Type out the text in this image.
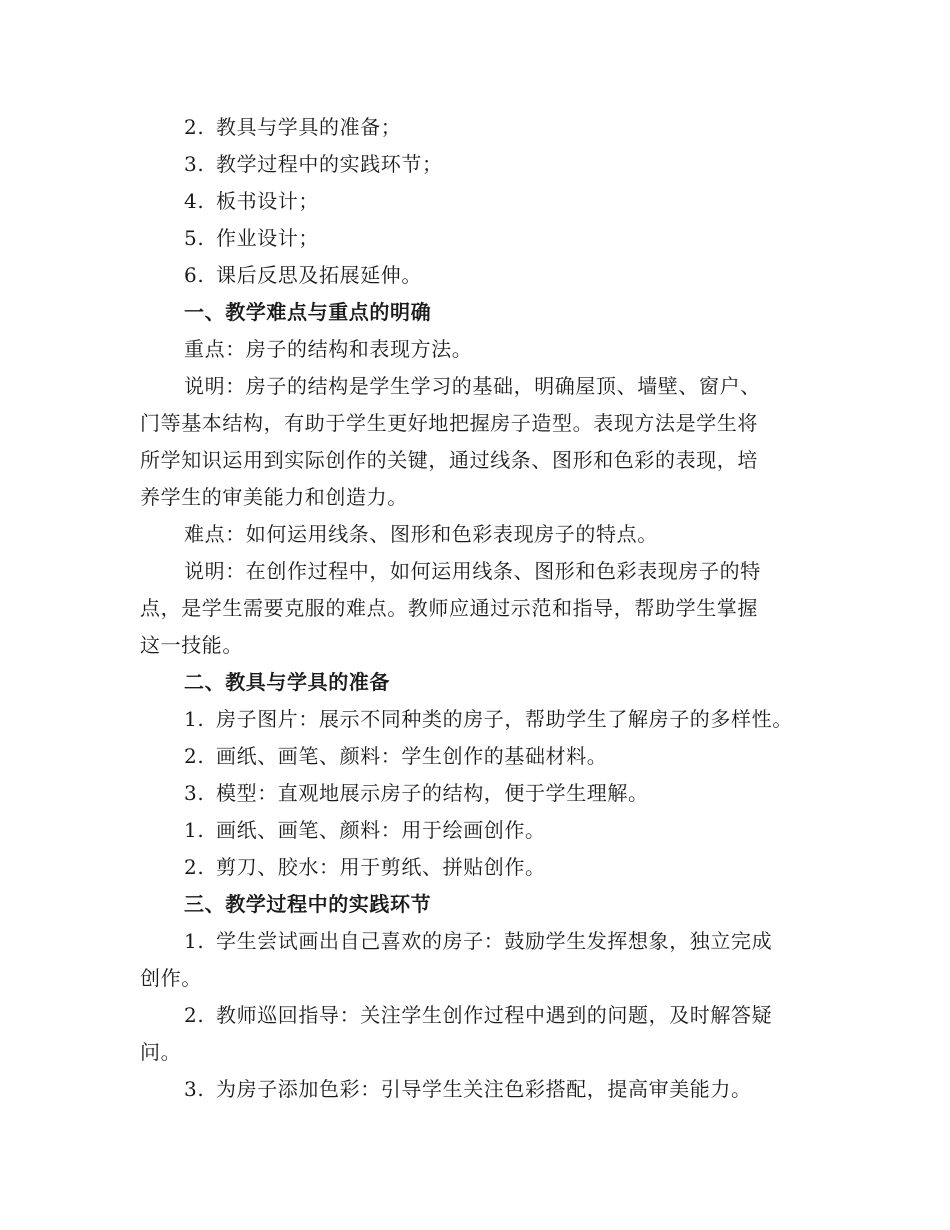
2. 教具与学具的准备；
3. 教学过程中的实践环节；
4. 板书设计；
5. 作业设计；
6. 课后反思及拓展延伸。
一、教学难点与重点的明确
重点：房子的结构和表现方法。
说明：房子的结构是学生学习的基础，明确屋顶、墙壁、窗户、
门等基本结构，有助于学生更好地把握房子造型。表现方法是学生将
所学知识运用到实际创作的关键，通过线条、图形和色彩的表现，培
养学生的审美能力和创造力。
难点：如何运用线条、图形和色彩表现房子的特点。
说明：在创作过程中，如何运用线条、图形和色彩表现房子的特
点，是学生需要克服的难点。教师应通过示范和指导，帮助学生掌握
这一技能。
二、教具与学具的准备
1. 房子图片：展示不同种类的房子，帮助学生了解房子的多样性。
2. 画纸、画笔、颜料：学生创作的基础材料。
3. 模型：直观地展示房子的结构，便于学生理解。
1. 画纸、画笔、颜料：用于绘画创作。
2. 剪刀、胶水：用于剪纸、拼贴创作。
三、教学过程中的实践环节
1. 学生尝试画出自己喜欢的房子：鼓励学生发挥想象，独立完成
创作。
2. 教师巡回指导：关注学生创作过程中遇到的问题，及时解答疑
问。
3. 为房子添加色彩：引导学生关注色彩搭配，提高审美能力。
